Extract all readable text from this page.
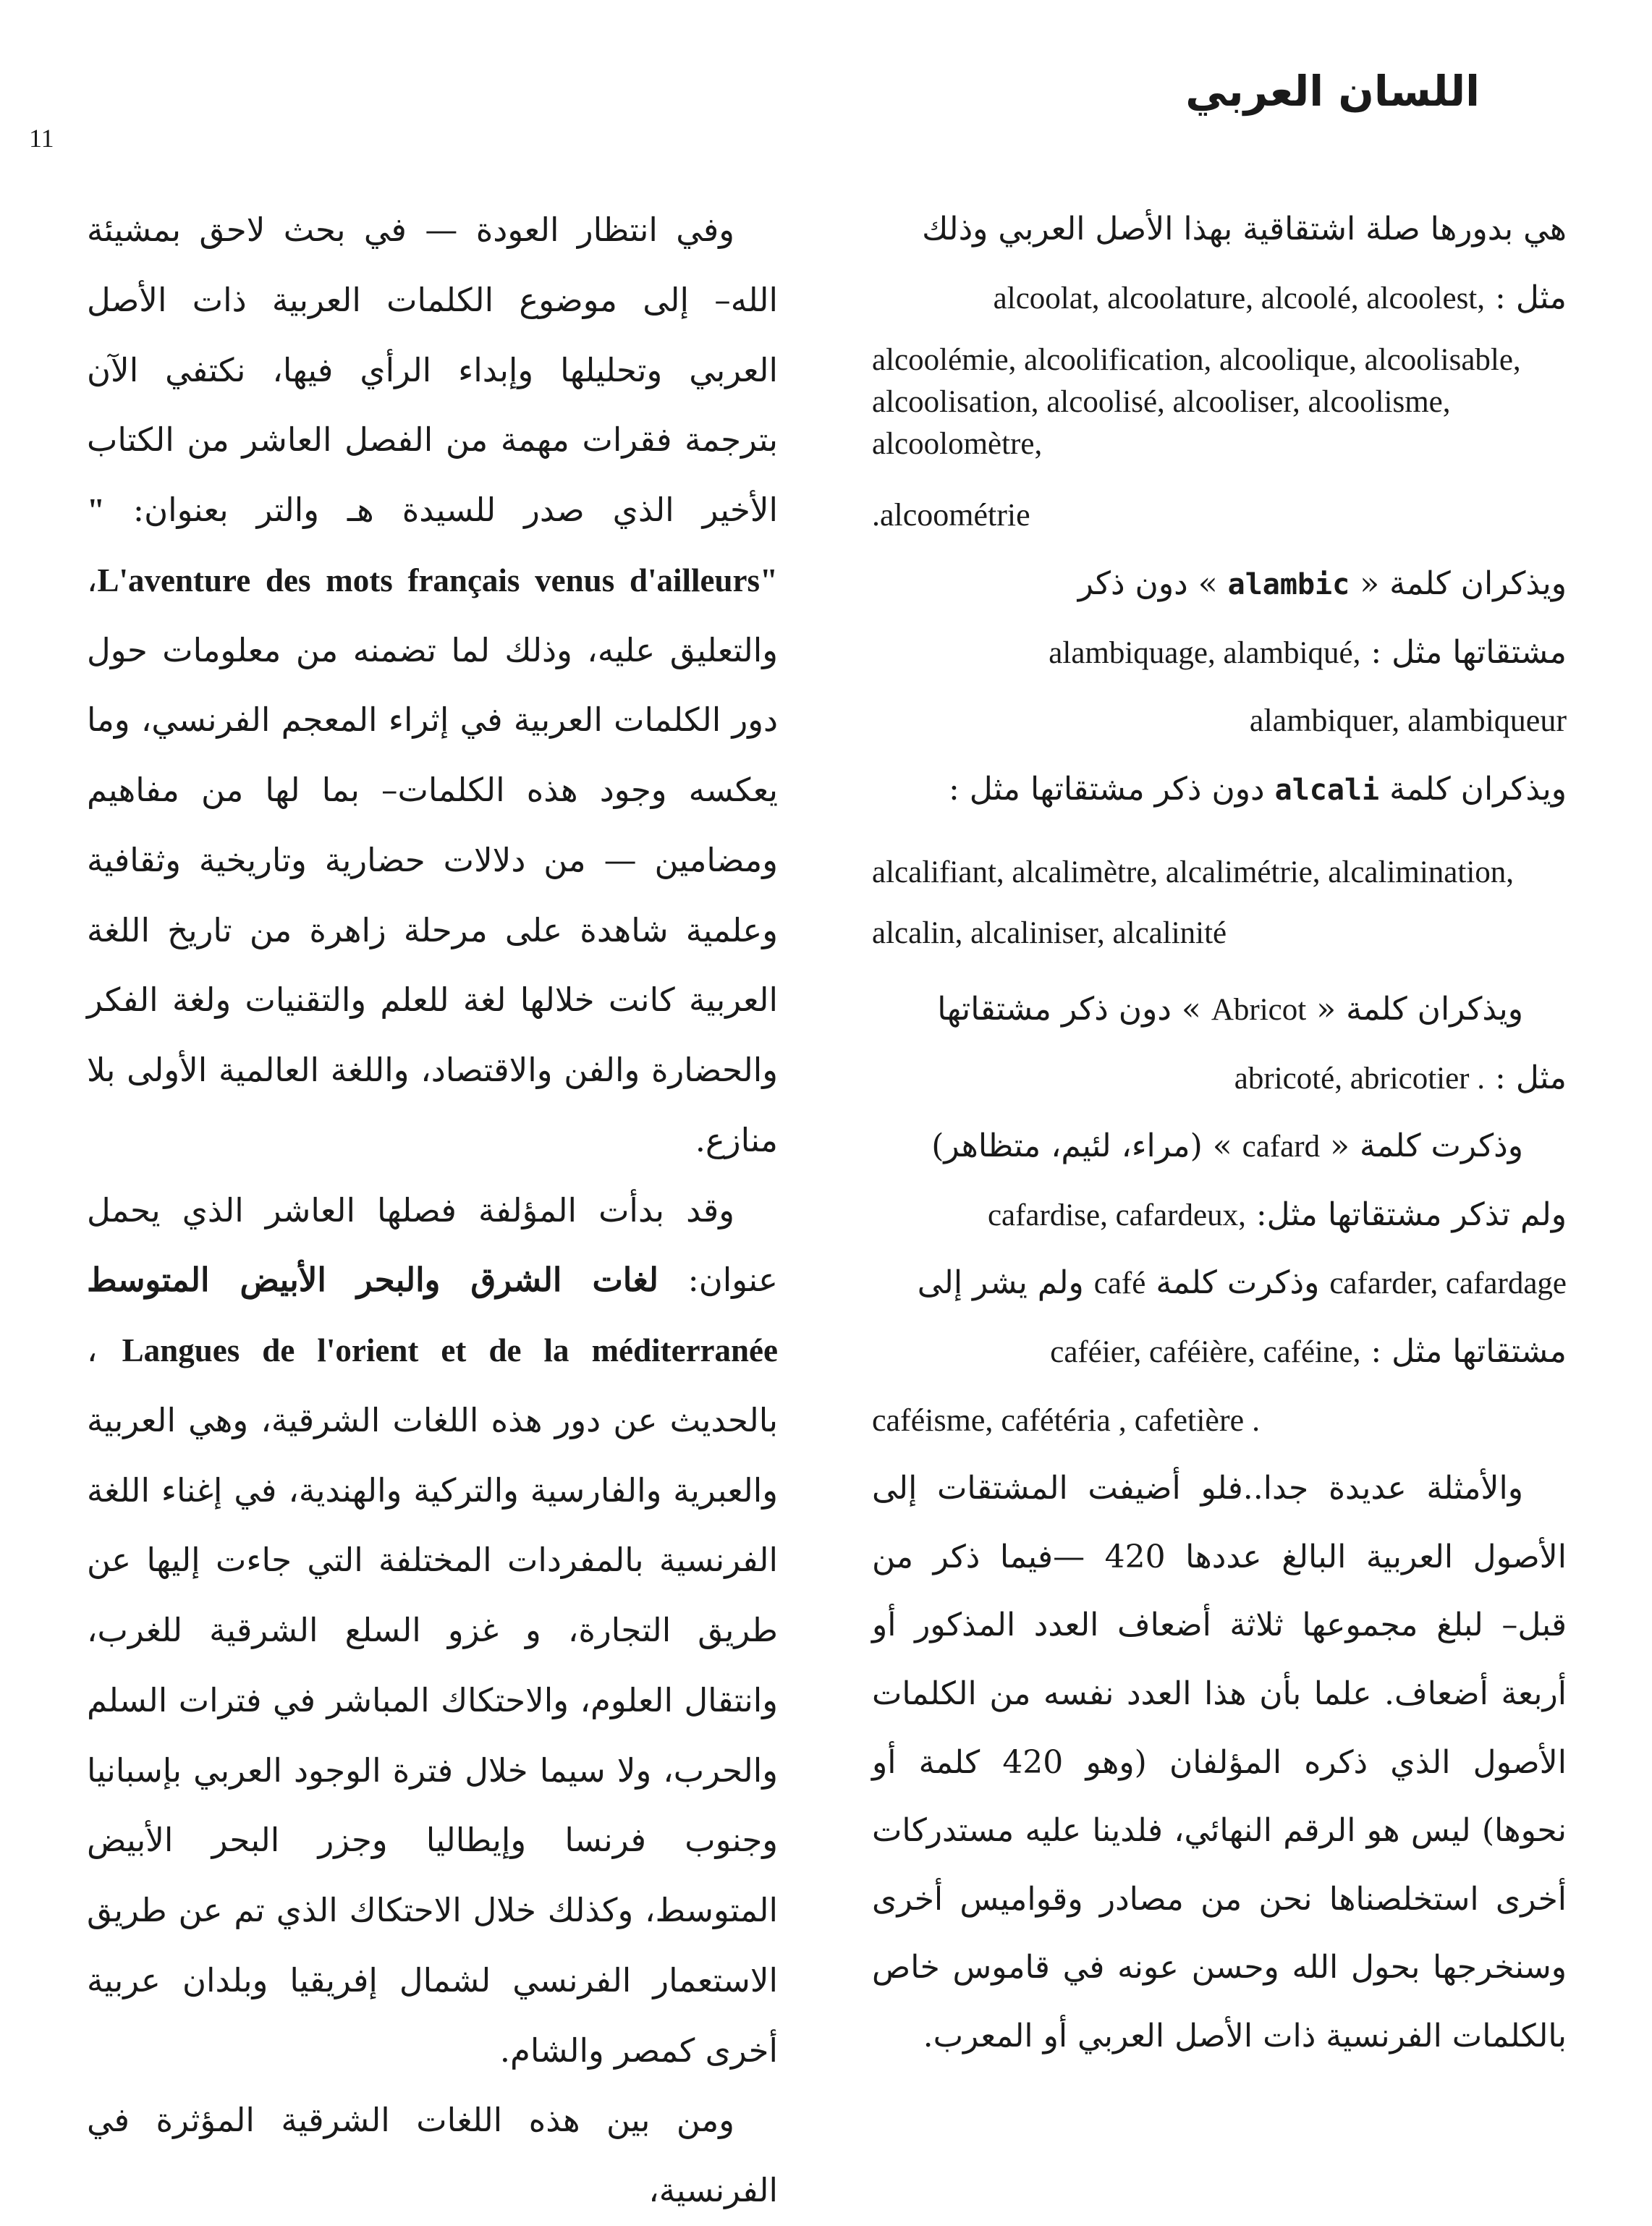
11
اللسان العربي

هي بدورها صلة اشتقاقية بهذا الأصل العربي وذلك

مثل : alcoolat, alcoolature, alcoolé, alcoolest,

alcoolémie, alcoolification, alcoolique, alcoolisable, alcoolisation, alcoolisé, alcooliser, alcoolisme, alcoolomètre,

.alcoométrie

ويذكران كلمة « alambic » دون ذكر

مشتقاتها مثل : alambiquage, alambiqué,

alambiquer, alambiqueur

ويذكران كلمة alcali دون ذكر مشتقاتها مثل :

alcalifiant, alcalimètre, alcalimétrie, alcalimination, alcalin, alcaliniser, alcalinité

ويذكران كلمة « Abricot » دون ذكر مشتقاتها

مثل : abricoté, abricotier .

وذكرت كلمة « cafard » (مراء، لئيم، متظاهر)

ولم تذكر مشتقاتها مثل: cafardise, cafardeux,

cafarder, cafardage وذكرت كلمة café ولم يشر إلى

مشتقاتها مثل : caféier, caféière, caféine,

caféisme, cafétéria , cafetière .

والأمثلة عديدة جدا..فلو أضيفت المشتقات إلى الأصول العربية البالغ عددها 420 —فيما ذكر من قبل– لبلغ مجموعها ثلاثة أضعاف العدد المذكور أو أربعة أضعاف. علما بأن هذا العدد نفسه من الكلمات الأصول الذي ذكره المؤلفان (وهو 420 كلمة أو نحوها) ليس هو الرقم النهائي، فلدينا عليه مستدركات أخرى استخلصناها نحن من مصادر وقواميس أخرى وسنخرجها بحول الله وحسن عونه في قاموس خاص بالكلمات الفرنسية ذات الأصل العربي أو المعرب.

وفي انتظار العودة — في بحث لاحق بمشيئة الله– إلى موضوع الكلمات العربية ذات الأصل العربي وتحليلها وإبداء الرأي فيها، نكتفي الآن بترجمة فقرات مهمة من الفصل العاشر من الكتاب الأخير الذي صدر للسيدة هـ والتر بعنوان: " L'aventure des mots français venus d'ailleurs"، والتعليق عليه، وذلك لما تضمنه من معلومات حول دور الكلمات العربية في إثراء المعجم الفرنسي، وما يعكسه وجود هذه الكلمات– بما لها من مفاهيم ومضامين — من دلالات حضارية وتاريخية وثقافية وعلمية شاهدة على مرحلة زاهرة من تاريخ اللغة العربية كانت خلالها لغة للعلم والتقنيات ولغة الفكر والحضارة والفن والاقتصاد، واللغة العالمية الأولى بلا منازع.

وقد بدأت المؤلفة فصلها العاشر الذي يحمل عنوان: لغات الشرق والبحر الأبيض المتوسط Langues de l'orient et de la méditerranée ، بالحديث عن دور هذه اللغات الشرقية، وهي العربية والعبرية والفارسية والتركية والهندية، في إغناء اللغة الفرنسية بالمفردات المختلفة التي جاءت إليها عن طريق التجارة، و غزو السلع الشرقية للغرب، وانتقال العلوم، والاحتكاك المباشر في فترات السلم والحرب، ولا سيما خلال فترة الوجود العربي بإسبانيا وجنوب فرنسا وإيطاليا وجزر البحر الأبيض المتوسط، وكذلك خلال الاحتكاك الذي تم عن طريق الاستعمار الفرنسي لشمال إفريقيا وبلدان عربية أخرى كمصر والشام.

ومن بين هذه اللغات الشرقية المؤثرة في الفرنسية،
